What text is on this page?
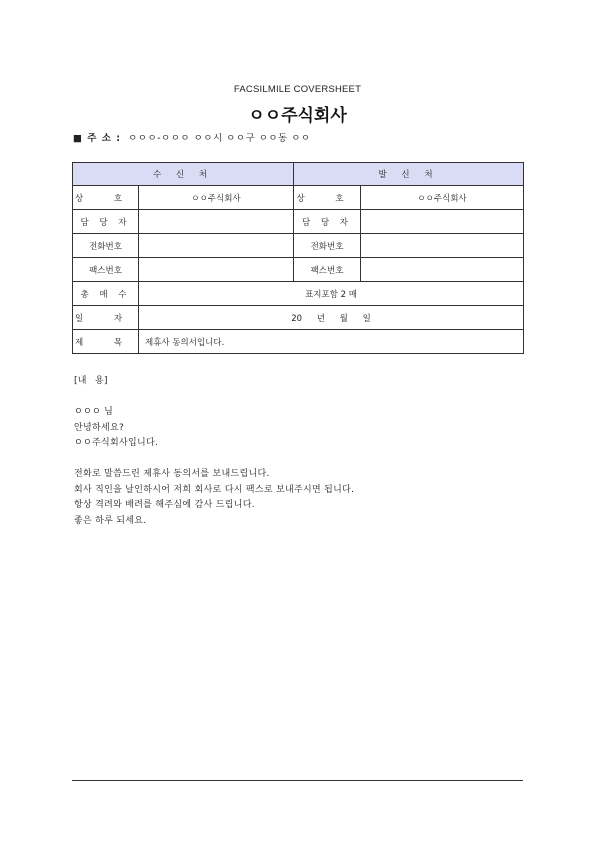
FACSILMILE COVERSHEET
ㅇㅇ주식회사
■ 주 소 : ㅇㅇㅇ-ㅇㅇㅇ ㅇㅇ시 ㅇㅇ구 ㅇㅇ동 ㅇㅇ
수 신 처		발 신 처	
상 호	ㅇㅇ주식회사	상 호	ㅇㅇ주식회사
담 당 자		담 당 자	
전화번호		전화번호	
팩스번호		팩스번호	
총 매 수	표지포함 2 매		
일 자	20 년 월 일		
제 목	제휴사 동의서입니다.		
[내 용]
ㅇㅇㅇ 님
안녕하세요?
ㅇㅇ주식회사입니다.
전화로 말씀드린 제휴사 동의서를 보내드립니다.
회사 직인을 날인하시어 저희 회사로 다시 팩스로 보내주시면 됩니다.
항상 격려와 배려를 해주심에 감사 드립니다.
좋은 하루 되세요.
